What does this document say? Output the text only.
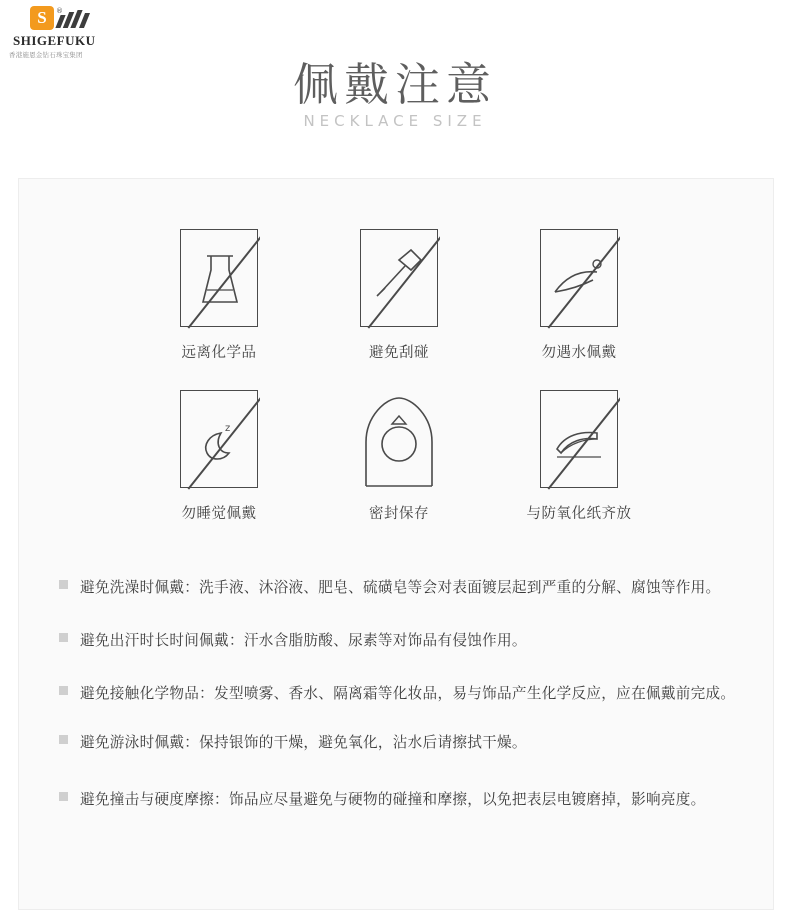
S	®
SHIGEFUKU
香港施恩金钻石珠宝集团
佩戴注意
NECKLACE SIZE
远离化学品	避免刮碰	勿遇水佩戴
z
勿睡觉佩戴	密封保存	与防氧化纸齐放
避免洗澡时佩戴：洗手液、沐浴液、肥皂、硫磺皂等会对表面镀层起到严重的分解、腐蚀等作用。
避免出汗时长时间佩戴：汗水含脂肪酸、尿素等对饰品有侵蚀作用。
避免接触化学物品：发型喷雾、香水、隔离霜等化妆品，易与饰品产生化学反应，应在佩戴前完成。
避免游泳时佩戴：保持银饰的干燥，避免氧化，沾水后请擦拭干燥。
避免撞击与硬度摩擦：饰品应尽量避免与硬物的碰撞和摩擦，以免把表层电镀磨掉，影响亮度。
